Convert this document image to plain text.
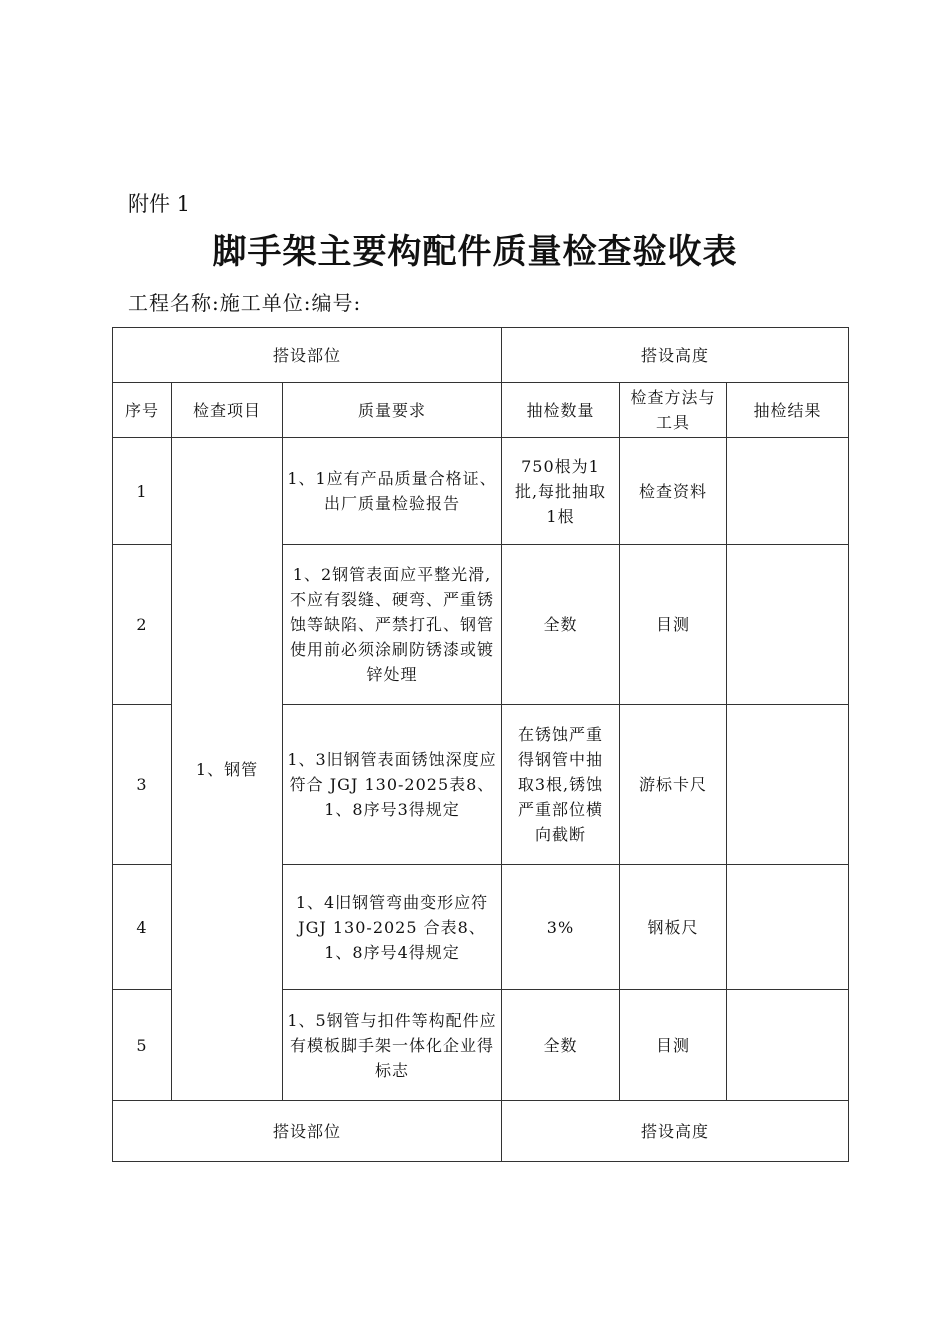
附件 1
脚手架主要构配件质量检查验收表
工程名称:施工单位:编号:
搭设部位			搭设高度		
序号	检查项目	质量要求	抽检数量	检查方法与工具	抽检结果
1	1、钢管	1、1应有产品质量合格证、出厂质量检验报告	750根为1批,每批抽取1根	检查资料	
2		1、2钢管表面应平整光滑,不应有裂缝、硬弯、严重锈蚀等缺陷、严禁打孔、钢管使用前必须涂刷防锈漆或镀锌处理	全数	目测	
3		1、3旧钢管表面锈蚀深度应符合 JGJ 130-2025表8、1、8序号3得规定	在锈蚀严重得钢管中抽取3根,锈蚀严重部位横向截断	游标卡尺	
4		1、4旧钢管弯曲变形应符 JGJ 130-2025 合表8、1、8序号4得规定	3%	钢板尺	
5		1、5钢管与扣件等构配件应有模板脚手架一体化企业得标志	全数	目测	
搭设部位			搭设高度		
